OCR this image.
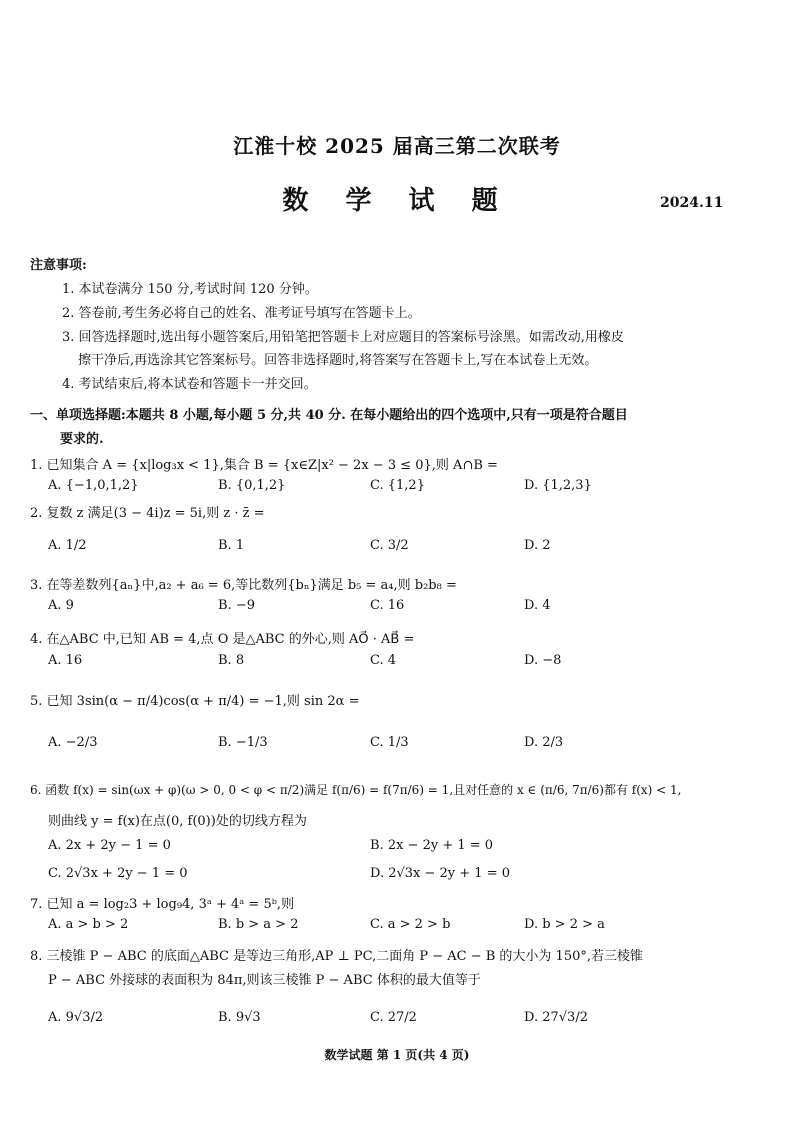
江淮十校 2025 届高三第二次联考
数 学 试 题	2024.11
注意事项:
1. 本试卷满分 150 分,考试时间 120 分钟。
2. 答卷前,考生务必将自己的姓名、准考证号填写在答题卡上。
3. 回答选择题时,选出每小题答案后,用铅笔把答题卡上对应题目的答案标号涂黑。如需改动,用橡皮
擦干净后,再选涂其它答案标号。回答非选择题时,将答案写在答题卡上,写在本试卷上无效。
4. 考试结束后,将本试卷和答题卡一并交回。
一、单项选择题:本题共 8 小题,每小题 5 分,共 40 分. 在每小题给出的四个选项中,只有一项是符合题目
要求的.
1. 已知集合 A = {x|log₃x < 1},集合 B = {x∈Z|x² − 2x − 3 ≤ 0},则 A∩B =
A. {−1,0,1,2}	B. {0,1,2}	C. {1,2}	D. {1,2,3}
2. 复数 z 满足(3 − 4i)z = 5i,则 z · z̄ =
A. 1/2	B. 1	C. 3/2	D. 2
3. 在等差数列{aₙ}中,a₂ + a₆ = 6,等比数列{bₙ}满足 b₅ = a₄,则 b₂b₈ =
A. 9	B. −9	C. 16	D. 4
4. 在△ABC 中,已知 AB = 4,点 O 是△ABC 的外心,则 AO⃗ · AB⃗ =
A. 16	B. 8	C. 4	D. −8
5. 已知 3sin(α − π/4)cos(α + π/4) = −1,则 sin 2α =
A. −2/3	B. −1/3	C. 1/3	D. 2/3
6. 函数 f(x) = sin(ωx + φ)(ω > 0, 0 < φ < π/2)满足 f(π/6) = f(7π/6) = 1,且对任意的 x ∈ (π/6, 7π/6)都有 f(x) < 1,
则曲线 y = f(x)在点(0, f(0))处的切线方程为
A. 2x + 2y − 1 = 0	B. 2x − 2y + 1 = 0
C. 2√3x + 2y − 1 = 0	D. 2√3x − 2y + 1 = 0
7. 已知 a = log₂3 + log₉4, 3ᵃ + 4ᵃ = 5ᵇ,则
A. a > b > 2	B. b > a > 2	C. a > 2 > b	D. b > 2 > a
8. 三棱锥 P − ABC 的底面△ABC 是等边三角形,AP ⊥ PC,二面角 P − AC − B 的大小为 150°,若三棱锥
P − ABC 外接球的表面积为 84π,则该三棱锥 P − ABC 体积的最大值等于
A. 9√3/2	B. 9√3	C. 27/2	D. 27√3/2
数学试题 第 1 页(共 4 页)
